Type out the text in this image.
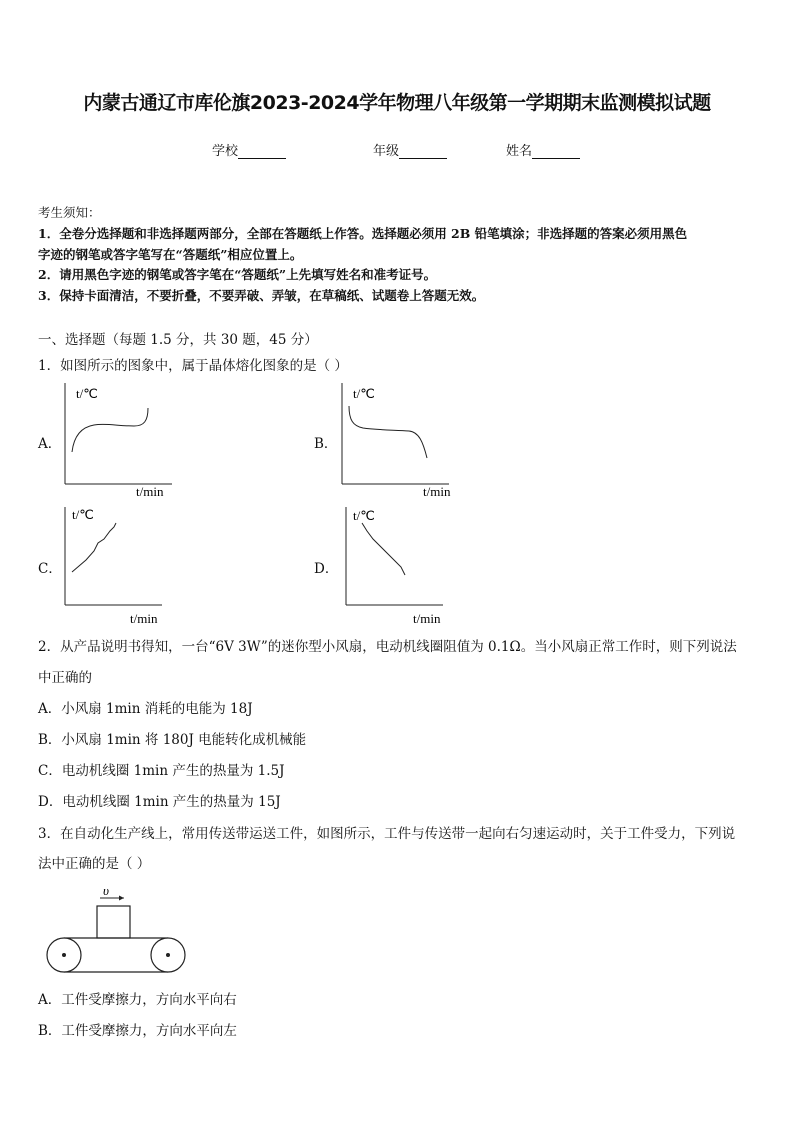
内蒙古通辽市库伦旗2023-2024学年物理八年级第一学期期末监测模拟试题
学校	年级	姓名
考生须知：
1．全卷分选择题和非选择题两部分，全部在答题纸上作答。选择题必须用 2B 铅笔填涂；非选择题的答案必须用黑色
字迹的钢笔或答字笔写在“答题纸”相应位置上。
2．请用黑色字迹的钢笔或答字笔在“答题纸”上先填写姓名和准考证号。
3．保持卡面清洁，不要折叠，不要弄破、弄皱，在草稿纸、试题卷上答题无效。
一、选择题（每题 1.5 分，共 30 题，45 分）
1．如图所示的图象中，属于晶体熔化图象的是（ ）
A．	B．
C．	D．
t/℃
t/min
t/℃
t/min
t/℃
t/min
t/℃
t/min
2．从产品说明书得知，一台“6V 3W”的迷你型小风扇，电动机线圈阻值为 0.1Ω。当小风扇正常工作时，则下列说法
中正确的
A．小风扇 1min 消耗的电能为 18J
B．小风扇 1min 将 180J 电能转化成机械能
C．电动机线圈 1min 产生的热量为 1.5J
D．电动机线圈 1min 产生的热量为 15J
3．在自动化生产线上，常用传送带运送工件，如图所示，工件与传送带一起向右匀速运动时，关于工件受力，下列说
法中正确的是（ ）
υ
A．工件受摩擦力，方向水平向右
B．工件受摩擦力，方向水平向左
